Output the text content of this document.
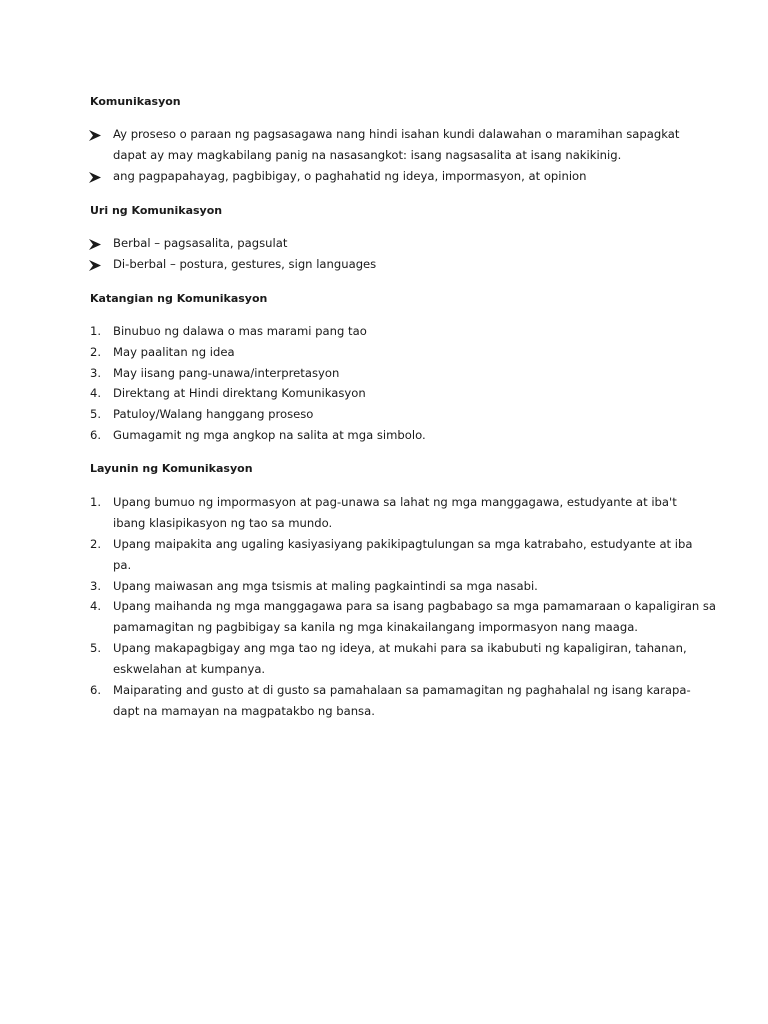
Komunikasyon
Ay proseso o paraan ng pagsasagawa nang hindi isahan kundi dalawahan o maramihan sapagkat
dapat ay may magkabilang panig na nasasangkot: isang nagsasalita at isang nakikinig.
ang pagpapahayag, pagbibigay, o paghahatid ng ideya, impormasyon, at opinion
Uri ng Komunikasyon
Berbal – pagsasalita, pagsulat
Di-berbal – postura, gestures, sign languages
Katangian ng Komunikasyon
1. Binubuo ng dalawa o mas marami pang tao
2. May paalitan ng idea
3. May iisang pang-unawa/interpretasyon
4. Direktang at Hindi direktang Komunikasyon
5. Patuloy/Walang hanggang proseso
6. Gumagamit ng mga angkop na salita at mga simbolo.
Layunin ng Komunikasyon
1. Upang bumuo ng impormasyon at pag-unawa sa lahat ng mga manggagawa, estudyante at iba't
ibang klasipikasyon ng tao sa mundo.
2. Upang maipakita ang ugaling kasiyasiyang pakikipagtulungan sa mga katrabaho, estudyante at iba
pa.
3. Upang maiwasan ang mga tsismis at maling pagkaintindi sa mga nasabi.
4. Upang maihanda ng mga manggagawa para sa isang pagbabago sa mga pamamaraan o kapaligiran sa
pamamagitan ng pagbibigay sa kanila ng mga kinakailangang impormasyon nang maaga.
5. Upang makapagbigay ang mga tao ng ideya, at mukahi para sa ikabubuti ng kapaligiran, tahanan,
eskwelahan at kumpanya.
6. Maiparating and gusto at di gusto sa pamahalaan sa pamamagitan ng paghahalal ng isang karapa-
dapt na mamayan na magpatakbo ng bansa.
